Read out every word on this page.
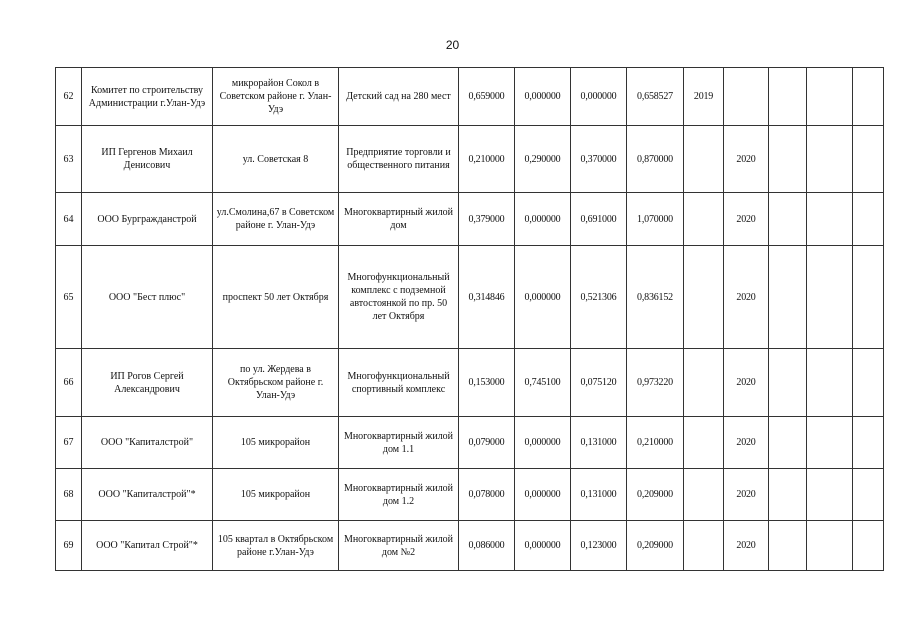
20
62	Комитет по строительству Администрации г.Улан-Удэ	микрорайон Сокол в Советском районе г. Улан- Удэ	Детский сад на 280 мест	0,659000	0,000000	0,000000	0,658527	2019				
63	ИП Гергенов Михаил Денисович	ул. Советская 8	Предприятие торговли и общественного питания	0,210000	0,290000	0,370000	0,870000		2020			
64	ООО Бургражданстрой	ул.Смолина,67 в Советском районе г. Улан-Удэ	Многоквартирный жилой дом	0,379000	0,000000	0,691000	1,070000		2020			
65	ООО "Бест плюс"	проспект 50 лет Октября	Многофункциональный комплекс с подземной автостоянкой по пр. 50 лет Октября	0,314846	0,000000	0,521306	0,836152		2020			
66	ИП Рогов Сергей Александрович	по ул. Жердева в Октябрьском районе г. Улан-Удэ	Многофункциональный спортивный комплекс	0,153000	0,745100	0,075120	0,973220		2020			
67	ООО "Капиталстрой"	105 микрорайон	Многоквартирный жилой дом 1.1	0,079000	0,000000	0,131000	0,210000		2020			
68	ООО "Капиталстрой"*	105 микрорайон	Многоквартирный жилой дом 1.2	0,078000	0,000000	0,131000	0,209000		2020			
69	ООО "Капитал Строй"*	105 квартал в Октябрьском районе г.Улан-Удэ	Многоквартирный жилой дом №2	0,086000	0,000000	0,123000	0,209000		2020			
